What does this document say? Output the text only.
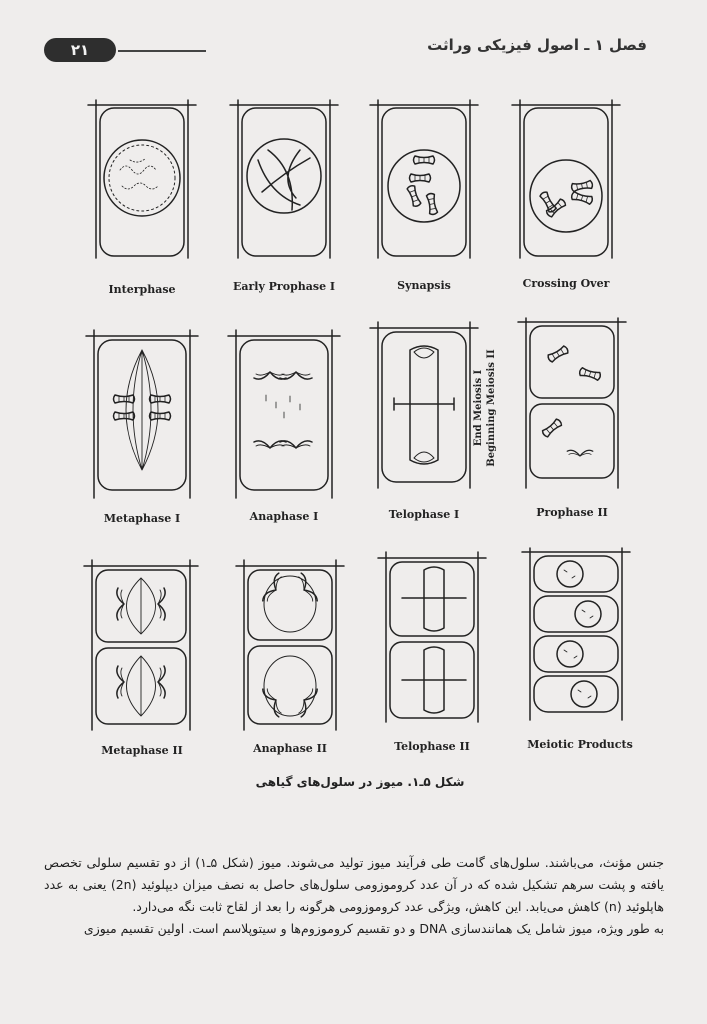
۲۱	فصل ۱ ـ اصول فیزیکی وراثت
Interphase	Early Prophase I	Synapsis	Crossing Over
Metaphase I	Anaphase I	Telophase I	Prophase II
Metaphase II	Anaphase II	Telophase II	Meiotic Products
End Meiosis I Beginning Meiosis II
شکل ۵ـ۱. میوز در سلول‌های گیاهی

جنس مؤنث، می‌باشند. سلول‌های گامت طی فرآیند میوز تولید می‌شوند. میوز (شکل ۵ـ۱) از دو تقسیم سلولی تخصص یافته و پشت سرهم تشکیل شده که در آن عدد کروموزومی سلول‌های حاصل به نصف میزان دیپلوئید (2n) یعنی به عدد هاپلوئید (n) کاهش می‌یابد. این کاهش، ویژگی عدد کروموزومی هرگونه را بعد از لقاح ثابت نگه می‌دارد.

به طور ویژه، میوز شامل یک همانندسازی DNA و دو تقسیم کروموزوم‌ها و سیتوپلاسم است. اولین تقسیم میوزی
